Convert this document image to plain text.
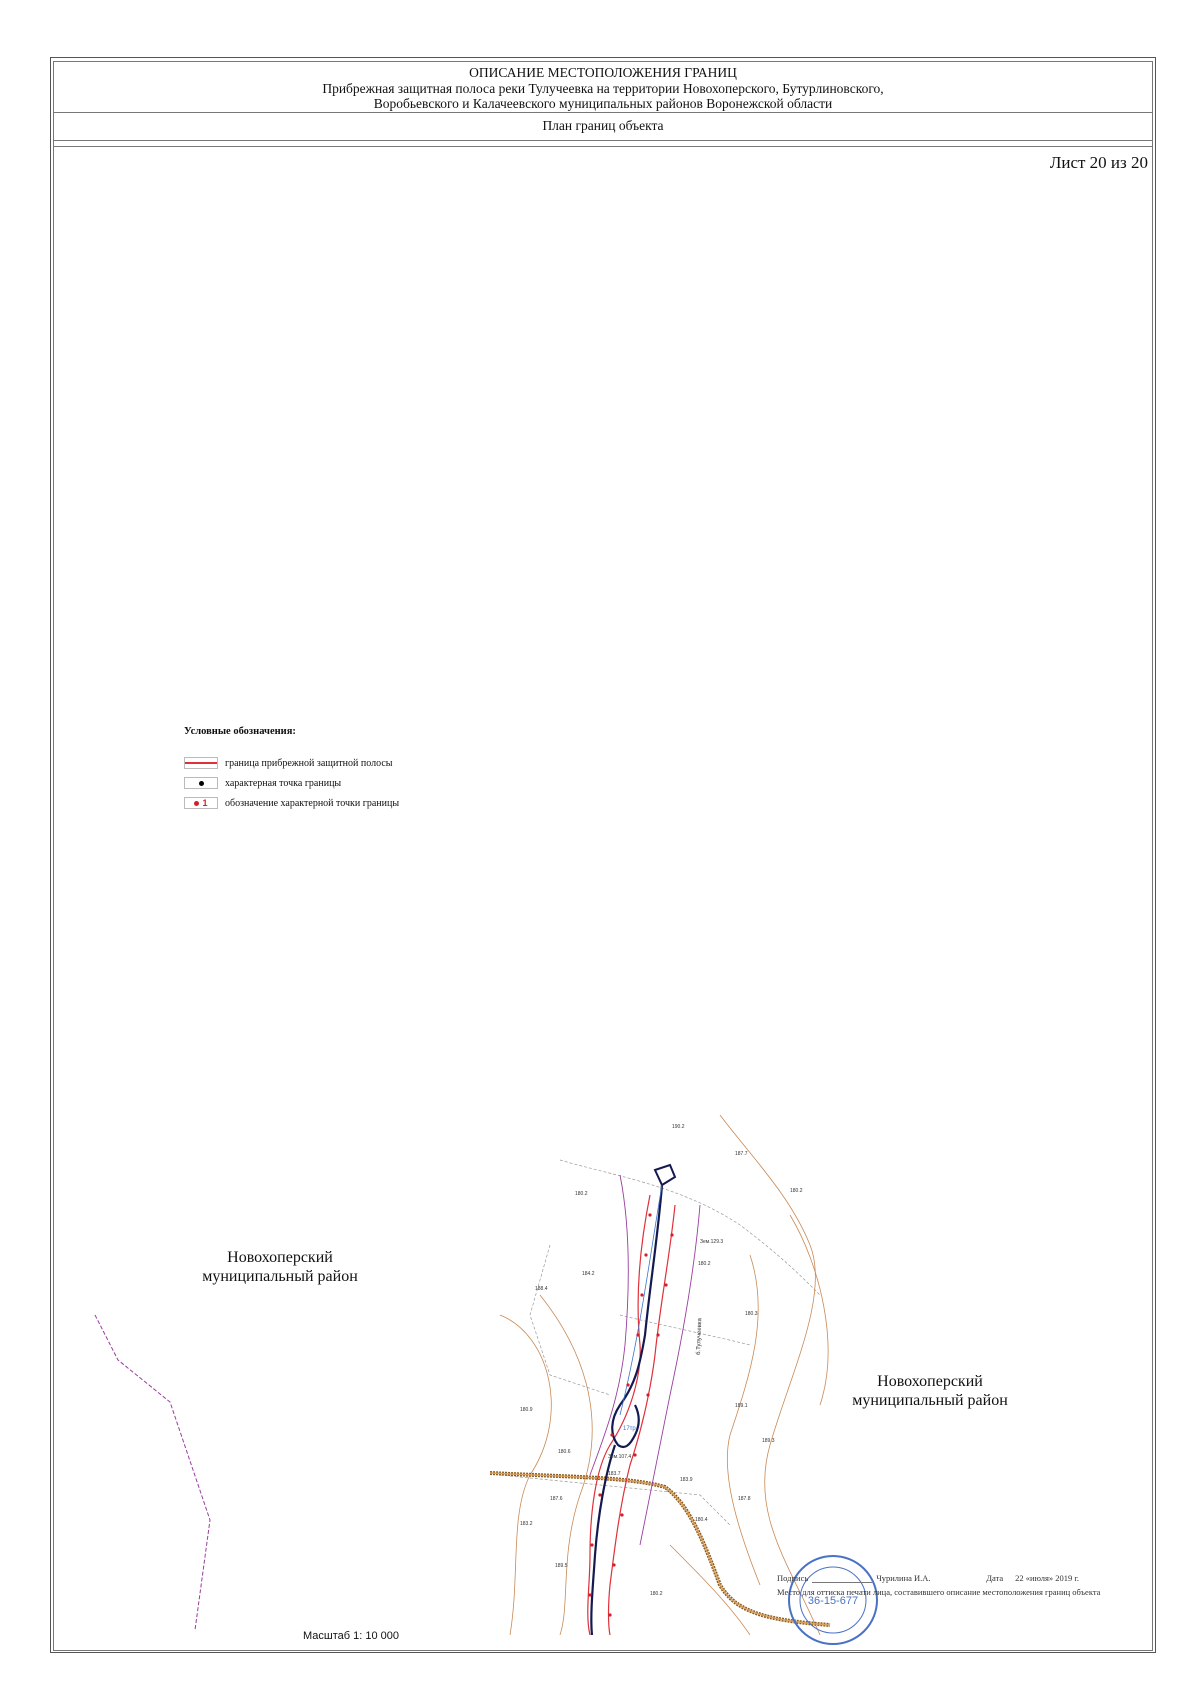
ОПИСАНИЕ МЕСТОПОЛОЖЕНИЯ ГРАНИЦ
Прибрежная защитная полоса реки Тулучеевка на территории Новохоперского, Бутурлиновского,
Воробьевского и Калачеевского муниципальных районов Воронежской области
План границ объекта
Лист 20 из 20
Условные обозначения:
граница прибрежной защитной полосы
характерная точка границы
1 обозначение характерной точки границы
Новохоперский
муниципальный район
Новохоперский
муниципальный район
190.2
187.7
180.2	180.2
180.2
188.4
184.2
180.3
180.9
189.1
180.6
183.7
189.3
183.9
187.6	187.8
183.2
180.4
189.5
180.2
Зем.129.3
Зем.107.4
б.Тулучеевка
17тр
Масштаб 1: 10 000
36-15-677
Подпись	Чурилина И.А.	Дата 22 «июля» 2019 г.
Место для оттиска печати лица, составившего описание местоположения границ объекта
